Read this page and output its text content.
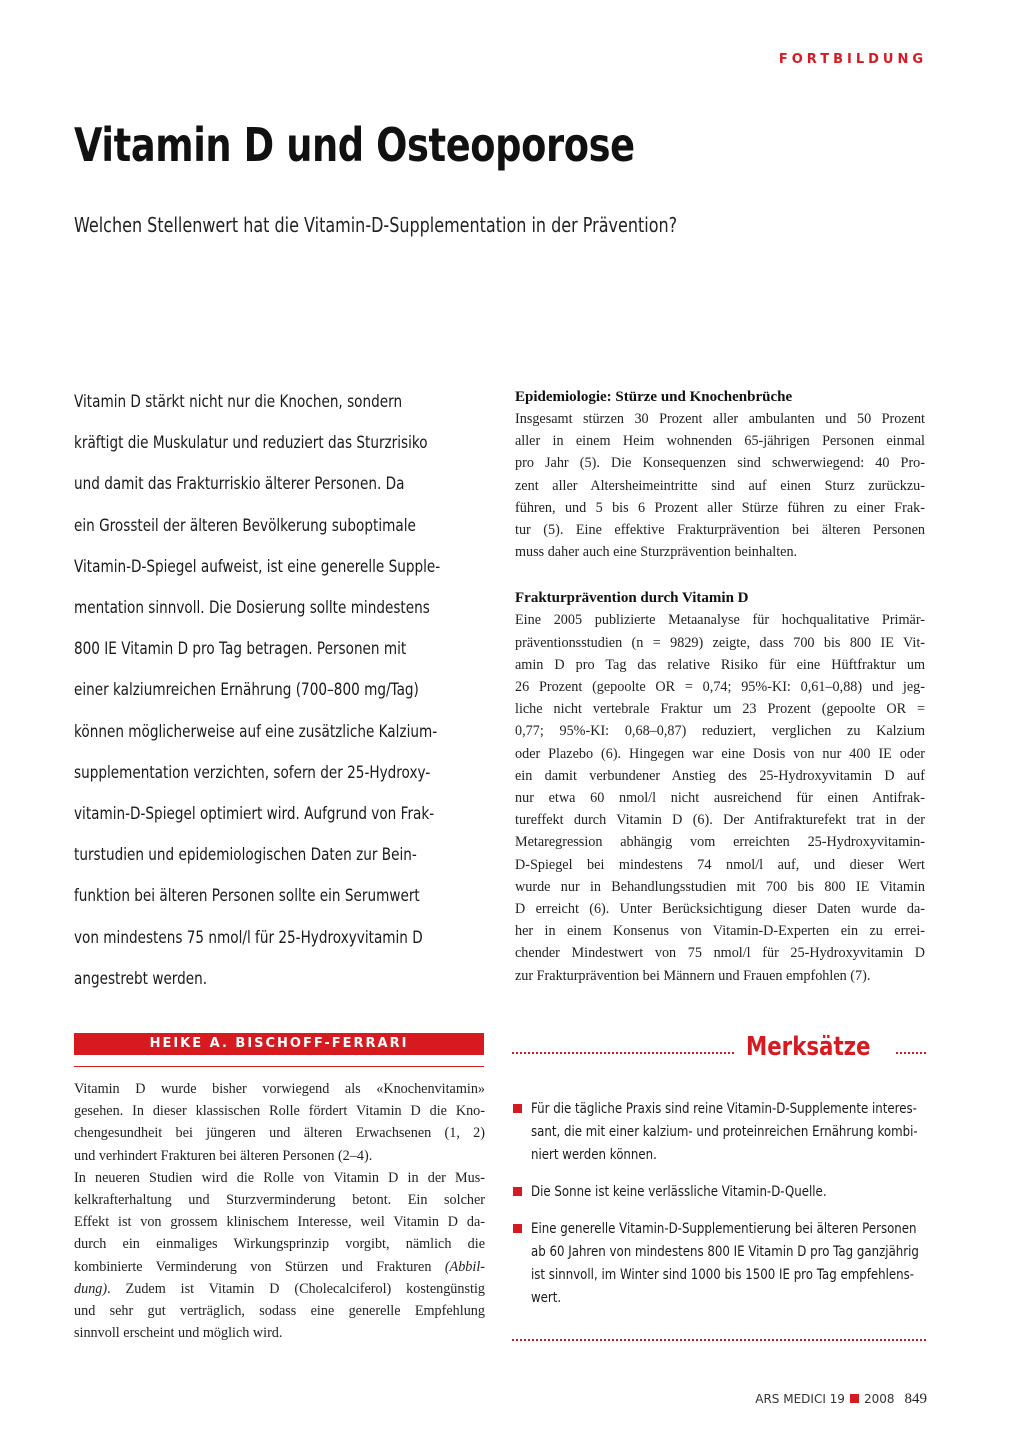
FORTBILDUNG
Vitamin D und Osteoporose

Welchen Stellenwert hat die Vitamin-D-Supplementation in der Prävention?

Vitamin D stärkt nicht nur die Knochen, sondern
kräftigt die Muskulatur und reduziert das Sturzrisiko
und damit das Frakturriskio älterer Personen. Da
ein Grossteil der älteren Bevölkerung suboptimale
Vitamin-D-Spiegel aufweist, ist eine generelle Supple-
mentation sinnvoll. Die Dosierung sollte mindestens
800 IE Vitamin D pro Tag betragen. Personen mit
einer kalziumreichen Ernährung (700–800 mg/Tag)
können möglicherweise auf eine zusätzliche Kalzium-
supplementation verzichten, sofern der 25-Hydroxy-
vitamin-D-Spiegel optimiert wird. Aufgrund von Frak-
turstudien und epidemiologischen Daten zur Bein-
funktion bei älteren Personen sollte ein Serumwert
von mindestens 75 nmol/l für 25-Hydroxyvitamin D
angestrebt werden.
Epidemiologie: Stürze und Knochenbrüche
Insgesamt stürzen 30 Prozent aller ambulanten und 50 Prozent
aller in einem Heim wohnenden 65-jährigen Personen einmal
pro Jahr (5). Die Konsequenzen sind schwerwiegend: 40 Pro-
zent aller Altersheimeintritte sind auf einen Sturz zurückzu-
führen, und 5 bis 6 Prozent aller Stürze führen zu einer Frak-
tur (5). Eine effektive Frakturprävention bei älteren Personen
muss daher auch eine Sturzprävention beinhalten.
Frakturprävention durch Vitamin D
Eine 2005 publizierte Metaanalyse für hochqualitative Primär-
präventionsstudien (n = 9829) zeigte, dass 700 bis 800 IE Vit-
amin D pro Tag das relative Risiko für eine Hüftfraktur um
26 Prozent (gepoolte OR = 0,74; 95%-KI: 0,61–0,88) und jeg-
liche nicht vertebrale Fraktur um 23 Prozent (gepoolte OR =
0,77; 95%-KI: 0,68–0,87) reduziert, verglichen zu Kalzium
oder Plazebo (6). Hingegen war eine Dosis von nur 400 IE oder
ein damit verbundener Anstieg des 25-Hydroxyvitamin D auf
nur etwa 60 nmol/l nicht ausreichend für einen Antifrak-
tureffekt durch Vitamin D (6). Der Antifrakturefekt trat in der
Metaregression abhängig vom erreichten 25-Hydroxyvitamin-
D-Spiegel bei mindestens 74 nmol/l auf, und dieser Wert
wurde nur in Behandlungsstudien mit 700 bis 800 IE Vitamin
D erreicht (6). Unter Berücksichtigung dieser Daten wurde da-
her in einem Konsenus von Vitamin-D-Experten ein zu errei-
chender Mindestwert von 75 nmol/l für 25-Hydroxyvitamin D
zur Frakturprävention bei Männern und Frauen empfohlen (7).
HEIKE A. BISCHOFF-FERRARI
Vitamin D wurde bisher vorwiegend als «Knochenvitamin»
gesehen. In dieser klassischen Rolle fördert Vitamin D die Kno-
chengesundheit bei jüngeren und älteren Erwachsenen (1, 2)
und verhindert Frakturen bei älteren Personen (2–4).
In neueren Studien wird die Rolle von Vitamin D in der Mus-
kelkrafterhaltung und Sturzverminderung betont. Ein solcher
Effekt ist von grossem klinischem Interesse, weil Vitamin D da-
durch ein einmaliges Wirkungsprinzip vorgibt, nämlich die
kombinierte Verminderung von Stürzen und Frakturen (Abbil-
dung). Zudem ist Vitamin D (Cholecalciferol) kostengünstig
und sehr gut verträglich, sodass eine generelle Empfehlung
sinnvoll erscheint und möglich wird.
Merksätze
Für die tägliche Praxis sind reine Vitamin-D-Supplemente interes-
sant, die mit einer kalzium- und proteinreichen Ernährung kombi-
niert werden können.
Die Sonne ist keine verlässliche Vitamin-D-Quelle.
Eine generelle Vitamin-D-Supplementierung bei älteren Personen
ab 60 Jahren von mindestens 800 IE Vitamin D pro Tag ganzjährig
ist sinnvoll, im Winter sind 1000 bis 1500 IE pro Tag empfehlens-
wert.
ARS MEDICI 19 2008 849
